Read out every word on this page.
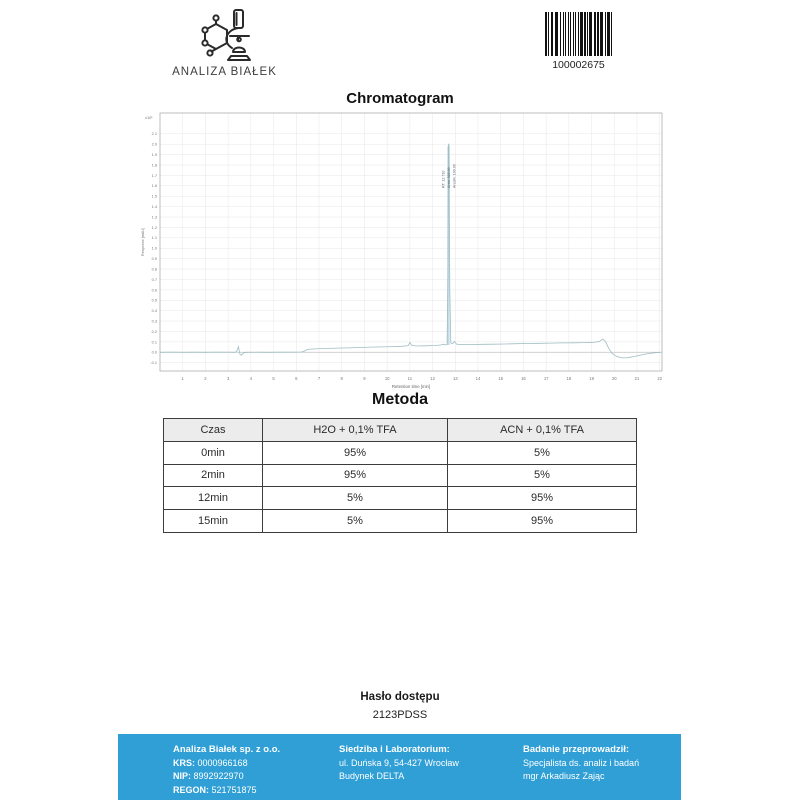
ANALIZA BIAŁEK
100002675
Chromatogram
2.1
2.0
1.9
1.8
1.7
1.6
1.5
1.4
1.3
1.2
1.1
1.0
0.9
0.8
0.7
0.6
0.5
0.4
0.3
0.2
0.1
0.0
-0.1
x10¹
1	2	3	4	5	6	7	8	9	10	11	12	13	14	15	16	17	18	19	20	21	22
Retention time [min]
Response [mAU]
RT: 12.710 Area: 588.66 Area%: 100.00
Metoda
Czas	H2O + 0,1% TFA	ACN + 0,1% TFA
0min	95%	5%
2min	95%	5%
12min	5%	95%
15min	5%	95%
Hasło dostępu
2123PDSS
Analiza Białek sp. z o.o.
KRS: 0000966168
NIP: 8992922970
REGON: 521751875
Siedziba i Laboratorium:
ul. Duńska 9, 54-427 Wrocław
Budynek DELTA
Badanie przeprowadził:
Specjalista ds. analiz i badań
mgr Arkadiusz Zając
